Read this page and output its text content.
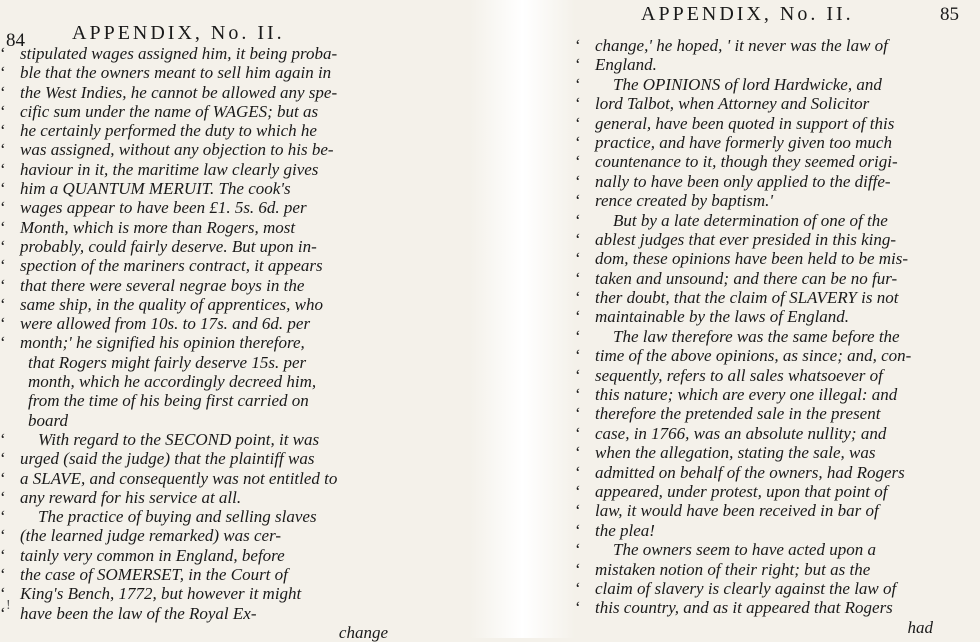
84 APPENDIX, No. II.
‘ stipulated wages assigned him, it being proba-
‘ ble that the owners meant to sell him again in
‘ the West Indies, he cannot be allowed any spe-
‘ cific sum under the name of WAGES; but as
‘ he certainly performed the duty to which he
‘ was assigned, without any objection to his be-
‘ haviour in it, the maritime law clearly gives
‘ him a QUANTUM MERUIT. The cook's
‘ wages appear to have been £1. 5s. 6d. per
‘ Month, which is more than Rogers, most
‘ probably, could fairly deserve. But upon in-
‘ spection of the mariners contract, it appears
‘ that there were several negrae boys in the
‘ same ship, in the quality of apprentices, who
‘ were allowed from 10s. to 17s. and 6d. per
‘ month;' he signified his opinion therefore,
that Rogers might fairly deserve 15s. per
month, which he accordingly decreed him,
from the time of his being first carried on
board
‘ With regard to the SECOND point, it was
‘ urged (said the judge) that the plaintiff was
‘ a SLAVE, and consequently was not entitled to
‘ any reward for his service at all.
‘ The practice of buying and selling slaves
‘ (the learned judge remarked) was cer-
‘ tainly very common in England, before
‘ the case of SOMERSET, in the Court of
‘ King's Bench, 1772, but however it might
‘ have been the law of the Royal Ex-
change
!
85
APPENDIX, No. II.
‘ change,' he hoped, ' it never was the law of
‘ England.
‘ The OPINIONS of lord Hardwicke, and
‘ lord Talbot, when Attorney and Solicitor
‘ general, have been quoted in support of this
‘ practice, and have formerly given too much
‘ countenance to it, though they seemed origi-
‘ nally to have been only applied to the diffe-
‘ rence created by baptism.'
‘ But by a late determination of one of the
‘ ablest judges that ever presided in this king-
‘ dom, these opinions have been held to be mis-
‘ taken and unsound; and there can be no fur-
‘ ther doubt, that the claim of SLAVERY is not
‘ maintainable by the laws of England.
‘ The law therefore was the same before the
‘ time of the above opinions, as since; and, con-
‘ sequently, refers to all sales whatsoever of
‘ this nature; which are every one illegal: and
‘ therefore the pretended sale in the present
‘ case, in 1766, was an absolute nullity; and
‘ when the allegation, stating the sale, was
‘ admitted on behalf of the owners, had Rogers
‘ appeared, under protest, upon that point of
‘ law, it would have been received in bar of
‘ the plea!
‘ The owners seem to have acted upon a
‘ mistaken notion of their right; but as the
‘ claim of slavery is clearly against the law of
‘ this country, and as it appeared that Rogers
had
